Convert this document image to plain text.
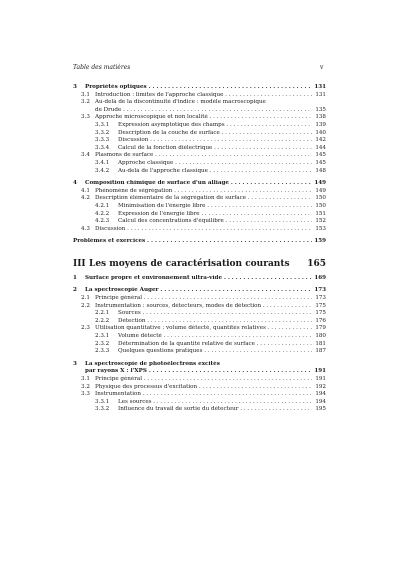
Table des matières	v
3 Propriétés optiques . . .	131
3.1 Introduction : limites de l'approche classique . . .	131
3.2 Au-delà de la discontinuité d'indice : modèle macroscopique
de Drude . . .	135
3.3 Approche microscopique et non localité . . .	138
3.3.1 Expression asymptotique des champs . . .	139
3.3.2 Description de la couche de surface . . .	140
3.3.3 Discussion . . .	142
3.3.4 Calcul de la fonction diélectrique . . .	144
3.4 Plasmons de surface . . .	145
3.4.1 Approche classique . . .	145
3.4.2 Au-delà de l'approche classique . . .	148
4 Composition chimique de surface d'un alliage . . .	149
4.1 Phénomène de ségrégation . . .	149
4.2 Description élémentaire de la ségrégation de surface . . .	150
4.2.1 Minimisation de l'énergie libre . . .	150
4.2.2 Expression de l'énergie libre . . .	151
4.2.3 Calcul des concentrations d'équilibre . . .	152
4.3 Discussion . . .	153
Problèmes et exercices . . .	159
III Les moyens de caractérisation courants 165
1 Surface propre et environnement ultra-vide . . .	169
2 La spectroscopie Auger . . .	173
2.1 Principe général . . .	173
2.2 Instrumentation : sources, détecteurs, modes de détection . . .	175
2.2.1 Sources . . .	175
2.2.2 Détection . . .	176
2.3 Utilisation quantitative : volume détecté, quantités relatives . . .	179
2.3.1 Volume détecté . . .	180
2.3.2 Détermination de la quantité relative de surface . . .	181
2.3.3 Quelques questions pratiques . . .	187
3 La spectroscopie de photoélectrons excités
par rayons X : l'XPS . . .	191
3.1 Principe général . . .	191
3.2 Physique des processus d'excitation . . .	192
3.3 Instrumentation . . .	194
3.3.1 Les sources . . .	194
3.3.2 Influence du travail de sortie du détecteur . . .	195
